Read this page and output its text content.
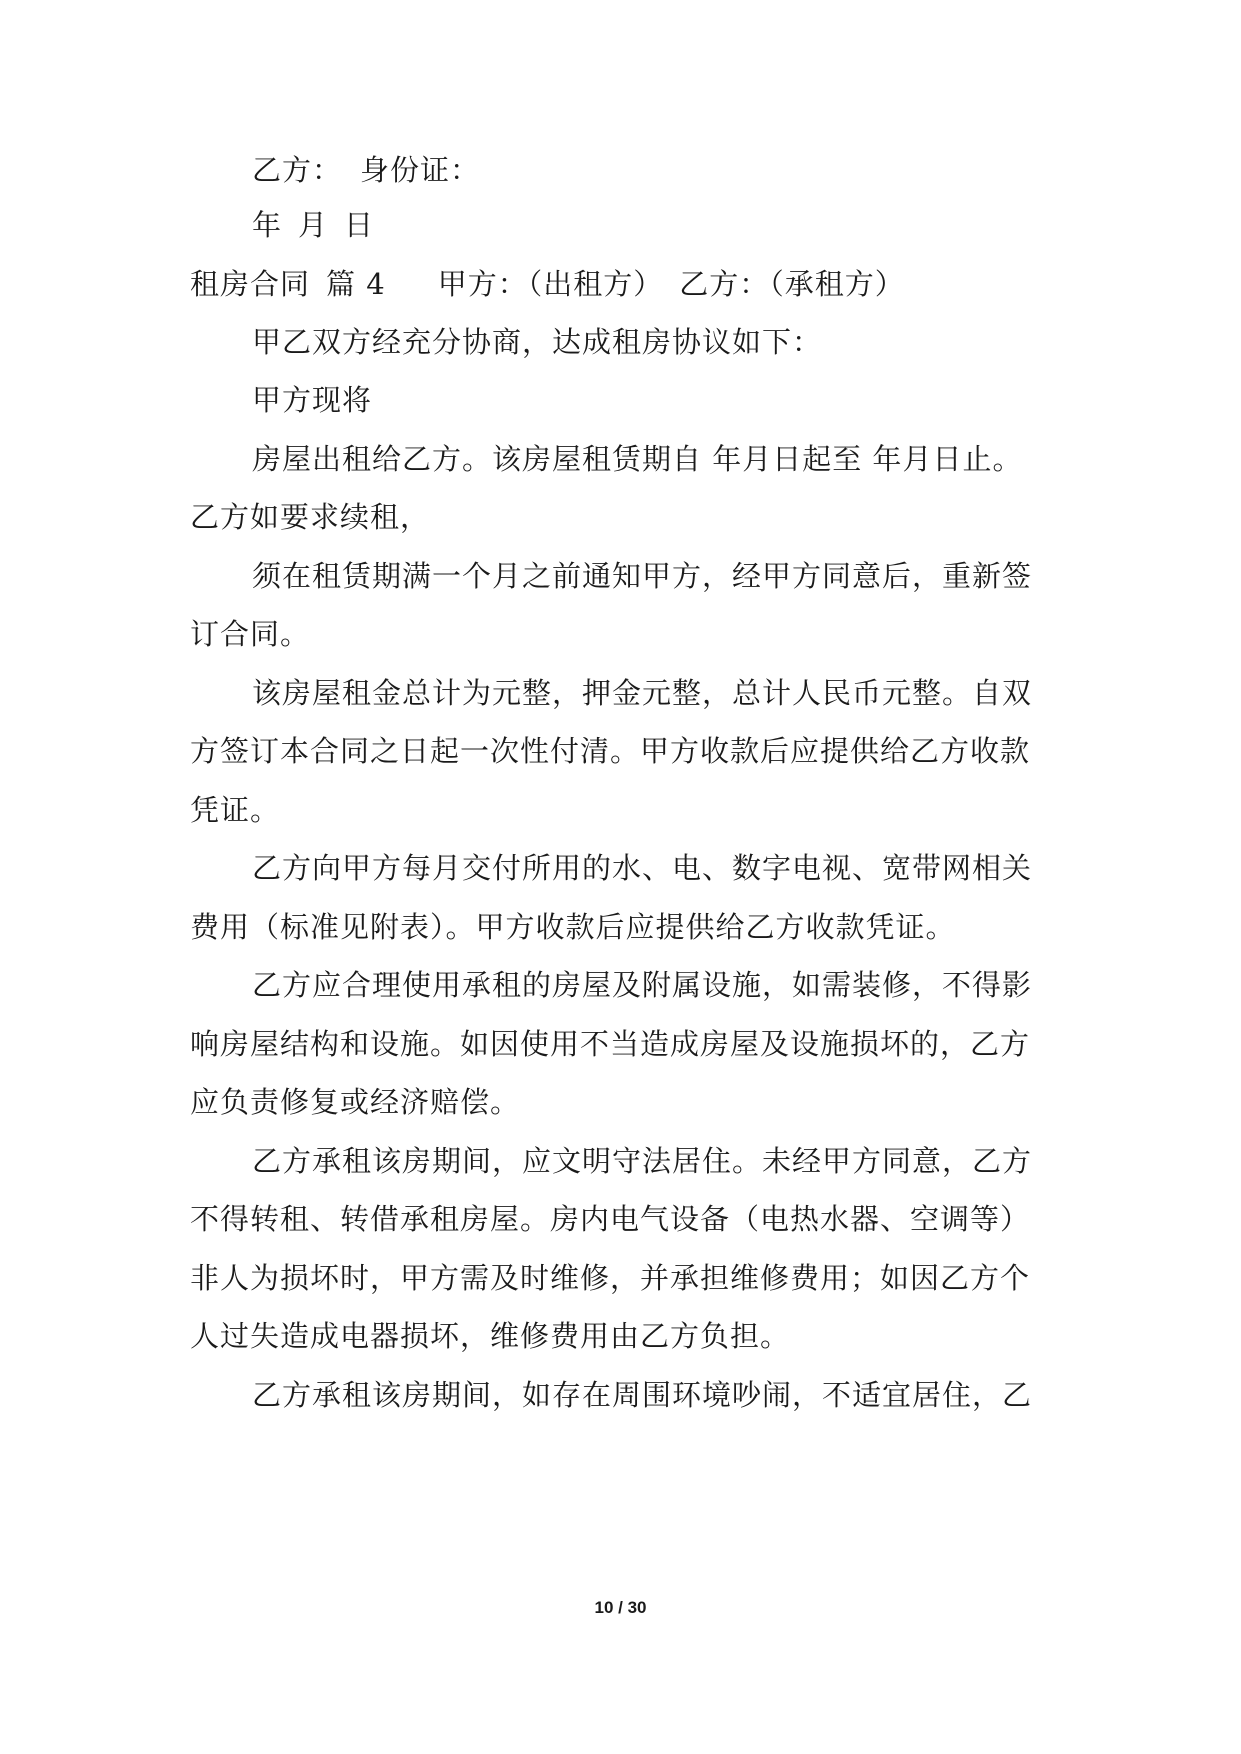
乙方： 身份证：
年 月 日
租房合同 篇 4 甲方：（出租方） 乙方：（承租方）
甲乙双方经充分协商，达成租房协议如下：
甲方现将
房屋出租给乙方。该房屋租赁期自 年月日起至 年月日止。
乙方如要求续租，
须在租赁期满一个月之前通知甲方，经甲方同意后，重新签
订合同。
该房屋租金总计为元整，押金元整，总计人民币元整。自双
方签订本合同之日起一次性付清。甲方收款后应提供给乙方收款
凭证。
乙方向甲方每月交付所用的水、电、数字电视、宽带网相关
费用（标准见附表）。甲方收款后应提供给乙方收款凭证。
乙方应合理使用承租的房屋及附属设施，如需装修，不得影
响房屋结构和设施。如因使用不当造成房屋及设施损坏的，乙方
应负责修复或经济赔偿。
乙方承租该房期间，应文明守法居住。未经甲方同意，乙方
不得转租、转借承租房屋。房内电气设备（电热水器、空调等）
非人为损坏时，甲方需及时维修，并承担维修费用；如因乙方个
人过失造成电器损坏，维修费用由乙方负担。
乙方承租该房期间，如存在周围环境吵闹，不适宜居住，乙
10 / 30
